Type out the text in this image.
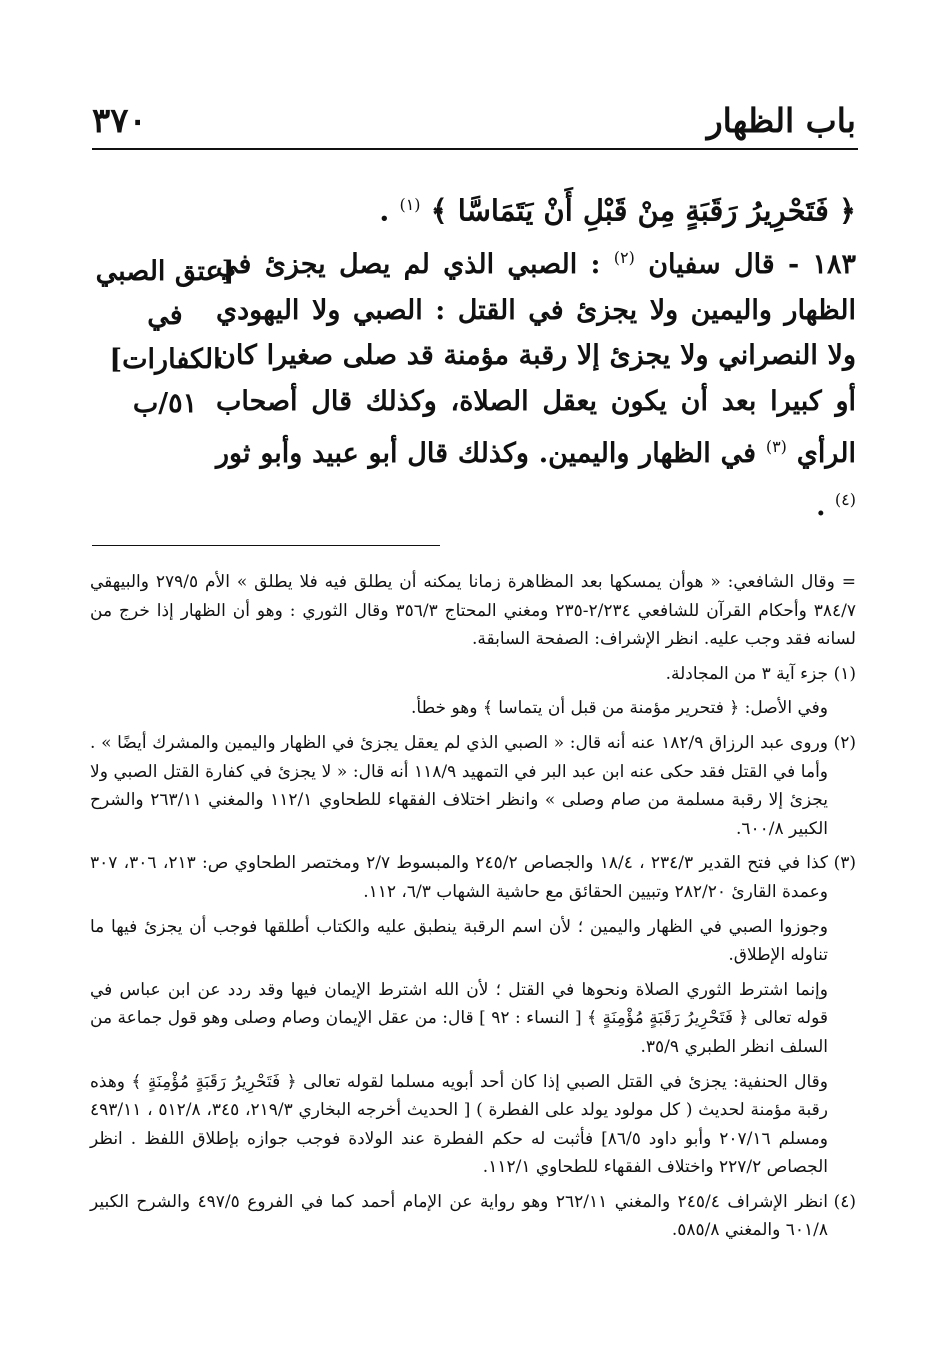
باب الظهار
٣٧٠
﴿ فَتَحْرِيرُ رَقَبَةٍ مِنْ قَبْلِ أَنْ يَتَمَاسَّا ﴾ $^{(١)}$ .
١٨٣ - قال سفيان $^{(٢)}$ : الصبي الذي لم يصل يجزئ في الظهار واليمين ولا يجزئ في القتل : الصبي ولا اليهودي ولا النصراني ولا يجزئ إلا رقبة مؤمنة قد صلى صغيرا كان أو كبيرا بعد أن يكون يعقل الصلاة، وكذلك قال أصحاب الرأي $^{(٣)}$ في الظهار واليمين. وكذلك قال أبو عبيد وأبو ثور $^{(٤)}$ .
[عتق الصبي
في
الكفارات]
٥١/ب
= وقال الشافعي: « هوأن يمسكها بعد المظاهرة زمانا يمكنه أن يطلق فيه فلا يطلق » الأم ٢٧٩/٥ والبيهقي ٣٨٤/٧ وأحكام القرآن للشافعي ٢/٢٣٤-٢٣٥ ومغني المحتاج ٣٥٦/٣ وقال الثوري : وهو أن الظهار إذا خرج من لسانه فقد وجب عليه. انظر الإشراف: الصفحة السابقة.
(١)
جزء آية ٣ من المجادلة.
وفي الأصل: ﴿ فتحرير مؤمنة من قبل أن يتماسا ﴾ وهو خطأ.
(٢)
وروى عبد الرزاق ١٨٢/٩ عنه أنه قال: « الصبي الذي لم يعقل يجزئ في الظهار واليمين والمشرك أيضًا » . وأما في القتل فقد حكى عنه ابن عبد البر في التمهيد ١١٨/٩ أنه قال: « لا يجزئ في كفارة القتل الصبي ولا يجزئ إلا رقبة مسلمة من صام وصلى » وانظر اختلاف الفقهاء للطحاوي ١١٢/١ والمغني ٢٦٣/١١ والشرح الكبير ٦٠٠/٨.
(٣)
كذا في فتح القدير ٢٣٤/٣ ، ١٨/٤ والجصاص ٢٤٥/٢ والمبسوط ٢/٧ ومختصر الطحاوي ص: ٢١٣، ٣٠٦، ٣٠٧ وعمدة القارئ ٢٨٢/٢٠ وتبيين الحقائق مع حاشية الشهاب ٦/٣، ١١٢.
وجوزوا الصبي في الظهار واليمين ؛ لأن اسم الرقبة ينطبق عليه والكتاب أطلقها فوجب أن يجزئ فيها ما تناوله الإطلاق.
وإنما اشترط الثوري الصلاة ونحوها في القتل ؛ لأن الله اشترط الإيمان فيها وقد ردد عن ابن عباس في قوله تعالى ﴿ فَتَحْرِيرُ رَقَبَةٍ مُؤْمِنَةٍ ﴾ [ النساء : ٩٢ ] قال: من عقل الإيمان وصام وصلى وهو قول جماعة من السلف انظر الطبري ٣٥/٩.
وقال الحنفية: يجزئ في القتل الصبي إذا كان أحد أبويه مسلما لقوله تعالى ﴿ فَتَحْرِيرُ رَقَبَةٍ مُؤْمِنَةٍ ﴾ وهذه رقبة مؤمنة لحديث ( كل مولود يولد على الفطرة ) [ الحديث أخرجه البخاري ٢١٩/٣، ٣٤٥، ٥١٢/٨ ، ٤٩٣/١١ ومسلم ٢٠٧/١٦ وأبو داود ٨٦/٥] فأثبت له حكم الفطرة عند الولادة فوجب جوازه بإطلاق اللفظ . انظر الجصاص ٢٢٧/٢ واختلاف الفقهاء للطحاوي ١١٢/١.
(٤)
انظر الإشراف ٢٤٥/٤ والمغني ٢٦٢/١١ وهو رواية عن الإمام أحمد كما في الفروع ٤٩٧/٥ والشرح الكبير ٦٠١/٨ والمغني ٥٨٥/٨.
